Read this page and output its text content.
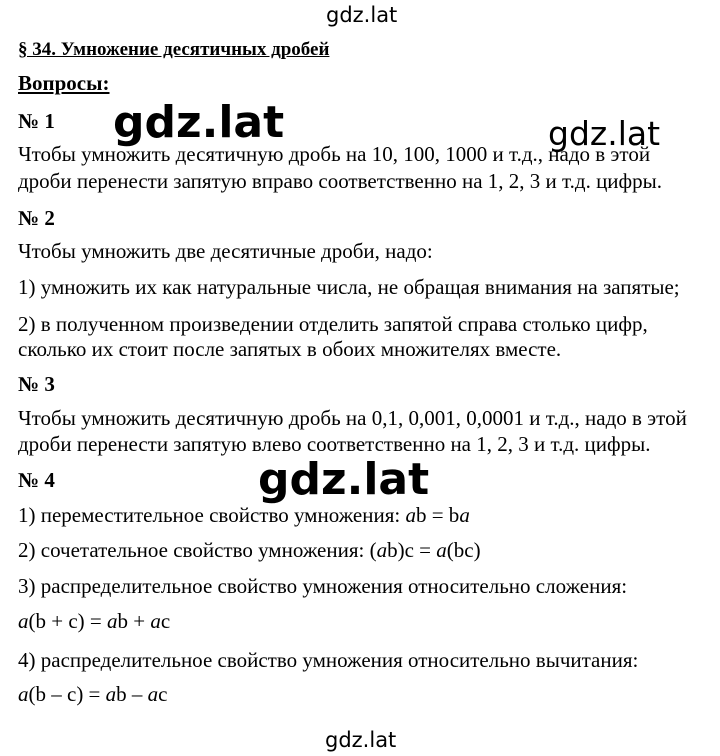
gdz.lat
gdz.lat	gdz.lat
gdz.lat
gdz.lat
§ 34. Умножение десятичных дробей
Вопросы:
№ 1
Чтобы умножить десятичную дробь на 10, 100, 1000 и т.д., надо в этой
дроби перенести запятую вправо соответственно на 1, 2, 3 и т.д. цифры.
№ 2
Чтобы умножить две десятичные дроби, надо:
1) умножить их как натуральные числа, не обращая внимания на запятые;
2) в полученном произведении отделить запятой справа столько цифр,
сколько их стоит после запятых в обоих множителях вместе.
№ 3
Чтобы умножить десятичную дробь на 0,1, 0,001, 0,0001 и т.д., надо в этой
дроби перенести запятую влево соответственно на 1, 2, 3 и т.д. цифры.
№ 4
1) переместительное свойство умножения: ab = ba
2) сочетательное свойство умножения: (ab)c = a(bc)
3) распределительное свойство умножения относительно сложения:
a(b + c) = ab + ac
4) распределительное свойство умножения относительно вычитания:
a(b – c) = ab – ac
